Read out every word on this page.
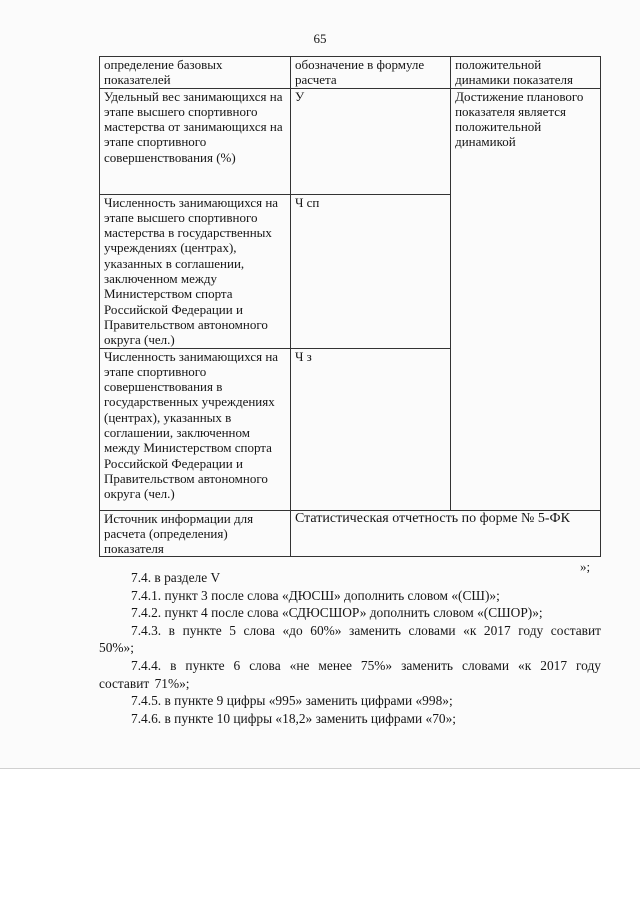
65
определение базовых показателей	обозначение в формуле расчета	положительной динамики показателя
Удельный вес занимающихся на этапе высшего спортивного мастерства от занимающихся на этапе спортивного совершенствования (%)	У	Достижение планового показателя является положительной динамикой
Численность занимающихся на этапе высшего спортивного мастерства в государственных учреждениях (центрах), указанных в соглашении, заключенном между Министерством спорта Российской Федерации и Правительством автономного округа (чел.)	Ч сп	
Численность занимающихся на этапе спортивного совершенствования в государственных учреждениях (центрах), указанных в соглашении, заключенном между Министерством спорта Российской Федерации и Правительством автономного округа (чел.)	Ч з	
Источник информации для расчета (определения) показателя	Статистическая отчетность по форме № 5-ФК	
»;

7.4. в разделе V

7.4.1. пункт 3 после слова «ДЮСШ» дополнить словом «(СШ)»;

7.4.2. пункт 4 после слова «СДЮСШОР» дополнить словом «(СШОР)»;

7.4.3. в пункте 5 слова «до 60%» заменить словами «к 2017 году составит 50%»;

7.4.4. в пункте 6 слова «не менее 75%» заменить словами «к 2017 году составит 71%»;

7.4.5. в пункте 9 цифры «995» заменить цифрами «998»;

7.4.6. в пункте 10 цифры «18,2» заменить цифрами «70»;
